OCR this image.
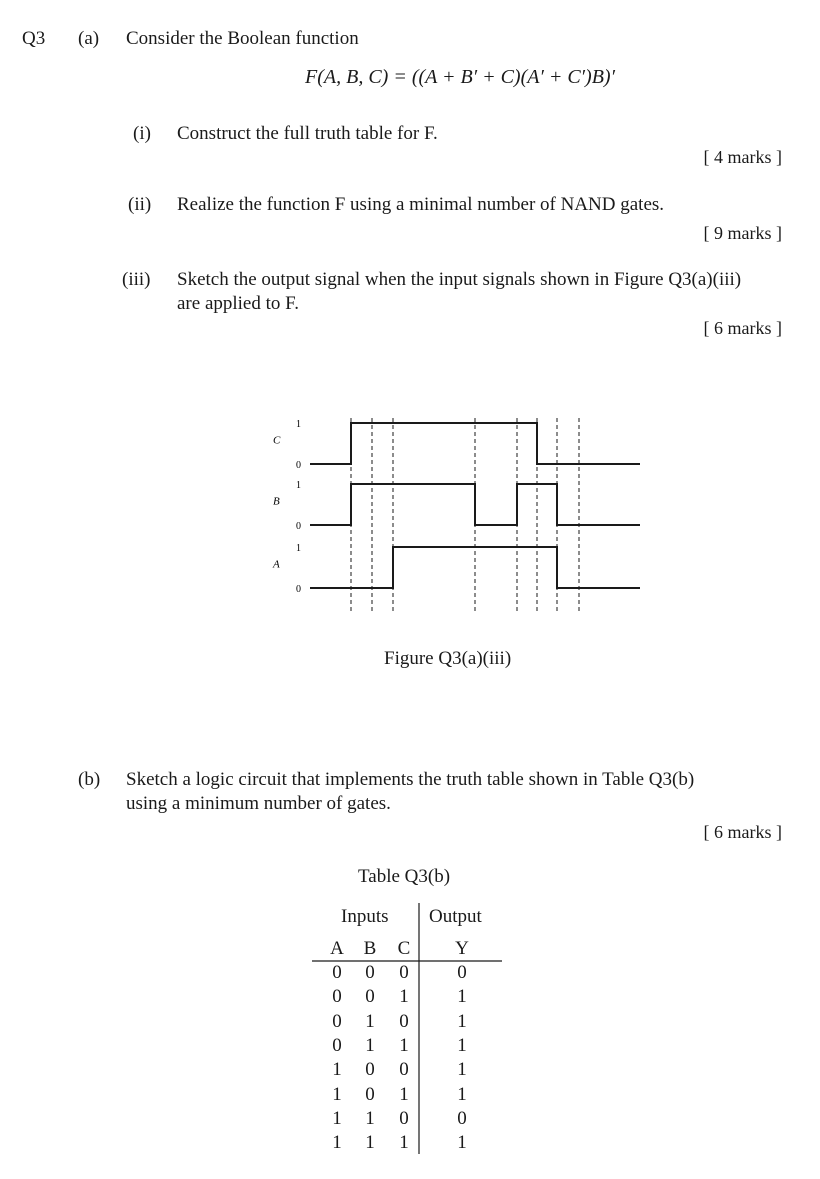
Q3 (a) Consider the Boolean function
F(A, B, C) = ((A + B′ + C)(A′ + C′)B)′
(i) Construct the full truth table for F.
[ 4 marks ]
(ii) Realize the function F using a minimal number of NAND gates.
[ 9 marks ]
(iii) Sketch the output signal when the input signals shown in Figure Q3(a)(iii)
are applied to F.
[ 6 marks ]
C
1
0
B
1
0
A
1
0
Figure Q3(a)(iii)
(b) Sketch a logic circuit that implements the truth table shown in Table Q3(b)
using a minimum number of gates.
[ 6 marks ]
Table Q3(b)
Inputs Output
A B C Y
0 0 0	0
0 0 1	1
0 1 0	1
0 1 1	1
1 0 0	1
1 0 1	1
1 1 0	0
1 1 1	1
